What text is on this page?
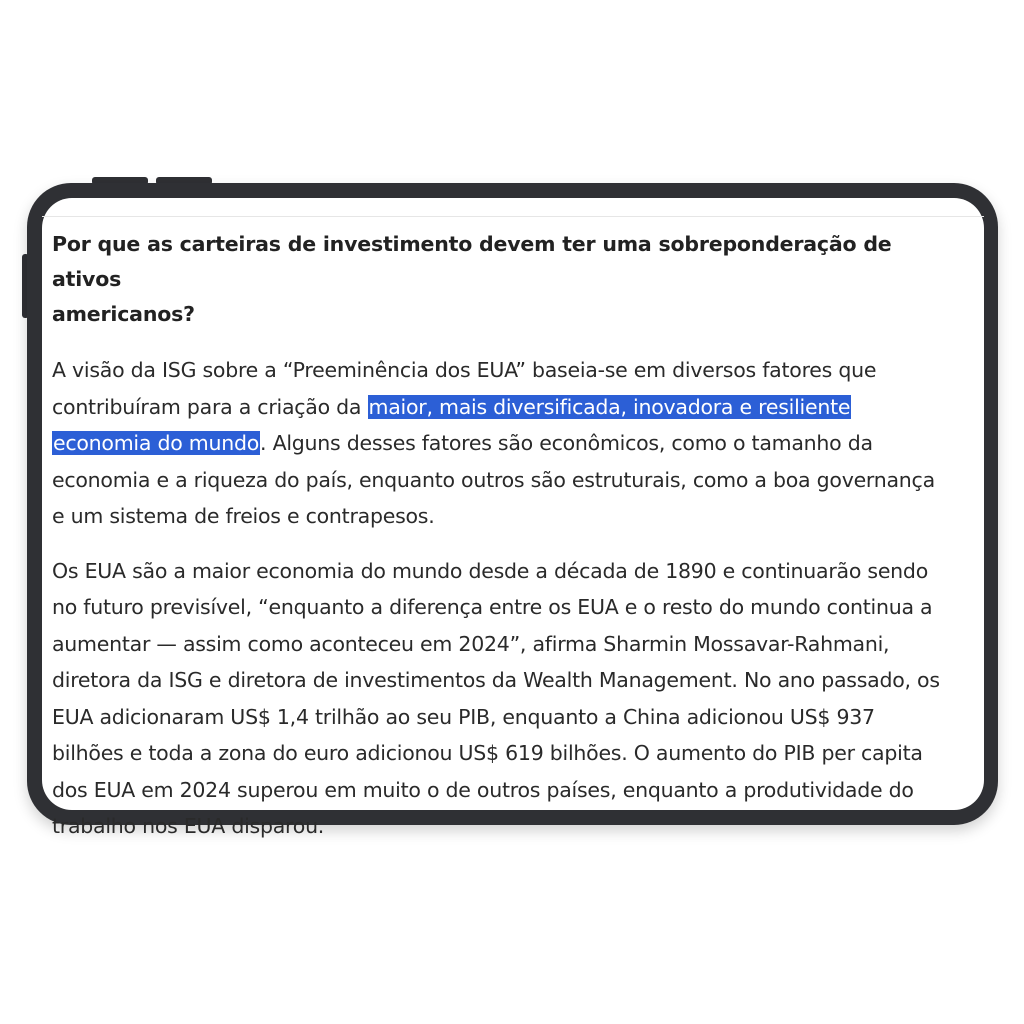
Por que as carteiras de investimento devem ter uma sobreponderação de ativos
americanos?

A visão da ISG sobre a “Preeminência dos EUA” baseia-se em diversos fatores que
contribuíram para a criação da maior, mais diversificada, inovadora e resiliente
economia do mundo. Alguns desses fatores são econômicos, como o tamanho da
economia e a riqueza do país, enquanto outros são estruturais, como a boa governança
e um sistema de freios e contrapesos.

Os EUA são a maior economia do mundo desde a década de 1890 e continuarão sendo
no futuro previsível, “enquanto a diferença entre os EUA e o resto do mundo continua a
aumentar — assim como aconteceu em 2024”, afirma Sharmin Mossavar-Rahmani,
diretora da ISG e diretora de investimentos da Wealth Management. No ano passado, os
EUA adicionaram US$ 1,4 trilhão ao seu PIB, enquanto a China adicionou US$ 937
bilhões e toda a zona do euro adicionou US$ 619 bilhões. O aumento do PIB per capita
dos EUA em 2024 superou em muito o de outros países, enquanto a produtividade do
trabalho nos EUA disparou.
